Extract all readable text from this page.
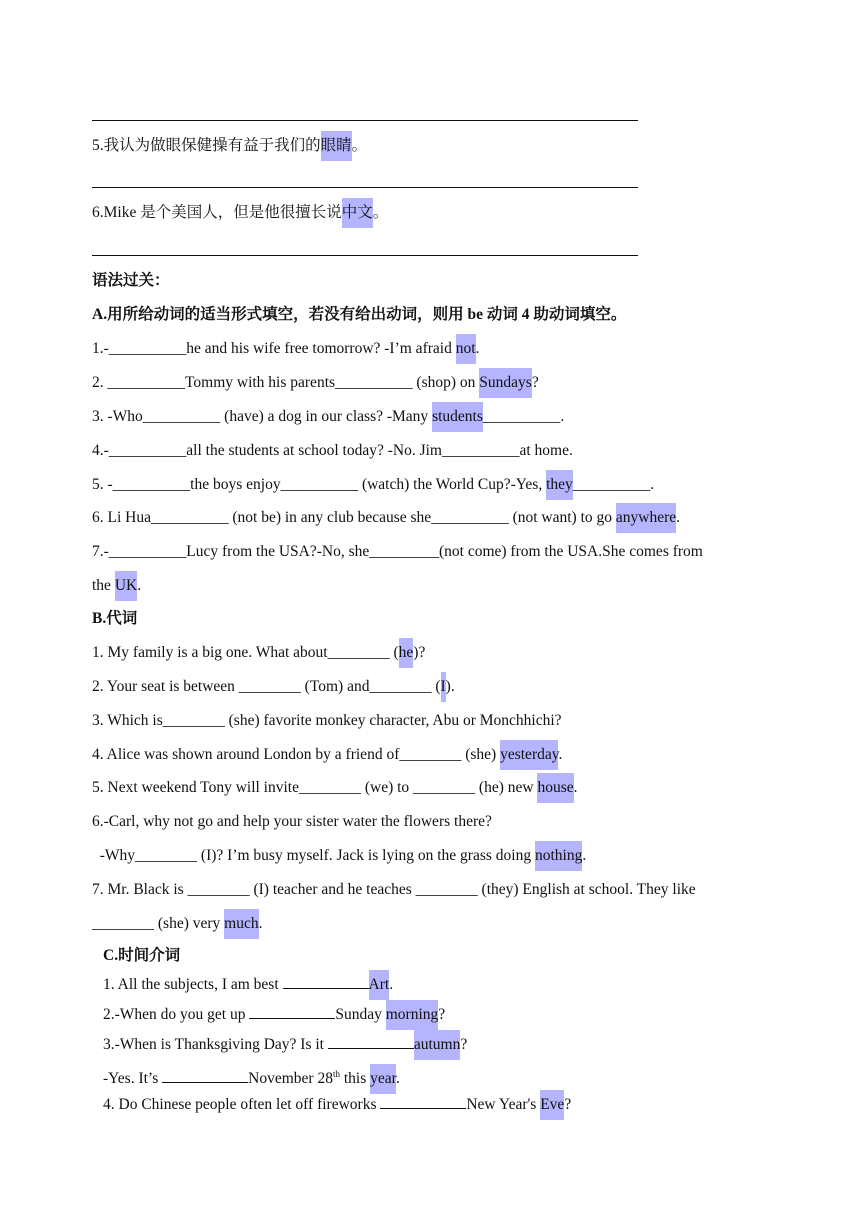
5.我认为做眼保健操有益于我们的眼睛。
6.Mike 是个美国人，但是他很擅长说中文。
语法过关：
A.用所给动词的适当形式填空，若没有给出动词，则用 be 动词 4 助动词填空。
1.-__________he and his wife free tomorrow? -I’m afraid not.
2. __________Tommy with his parents__________ (shop) on Sundays?
3. -Who__________ (have) a dog in our class? -Many students__________.
4.-__________all the students at school today? -No. Jim__________at home.
5. -__________the boys enjoy__________ (watch) the World Cup?-Yes, they__________.
6. Li Hua__________ (not be) in any club because she__________ (not want) to go anywhere.
7.-__________Lucy from the USA?-No, she_________(not come) from the USA.She comes from
the UK.
B.代词
1. My family is a big one. What about________ (he)?
2. Your seat is between ________ (Tom) and________ (I).
3. Which is________ (she) favorite monkey character, Abu or Monchhichi?
4. Alice was shown around London by a friend of________ (she) yesterday.
5. Next weekend Tony will invite________ (we) to ________ (he) new house.
6.-Carl, why not go and help your sister water the flowers there?
-Why________ (I)? I’m busy myself. Jack is lying on the grass doing nothing.
7. Mr. Black is ________ (I) teacher and he teaches ________ (they) English at school. They like
________ (she) very much.
C.时间介词
1. All the subjects, I am best	Art.
2.-When do you get up	Sunday morning?
3.-When is Thanksgiving Day? Is it	autumn?
-Yes. It’s	November 28th this year.
4. Do Chinese people often let off fireworks	New Year's Eve?
